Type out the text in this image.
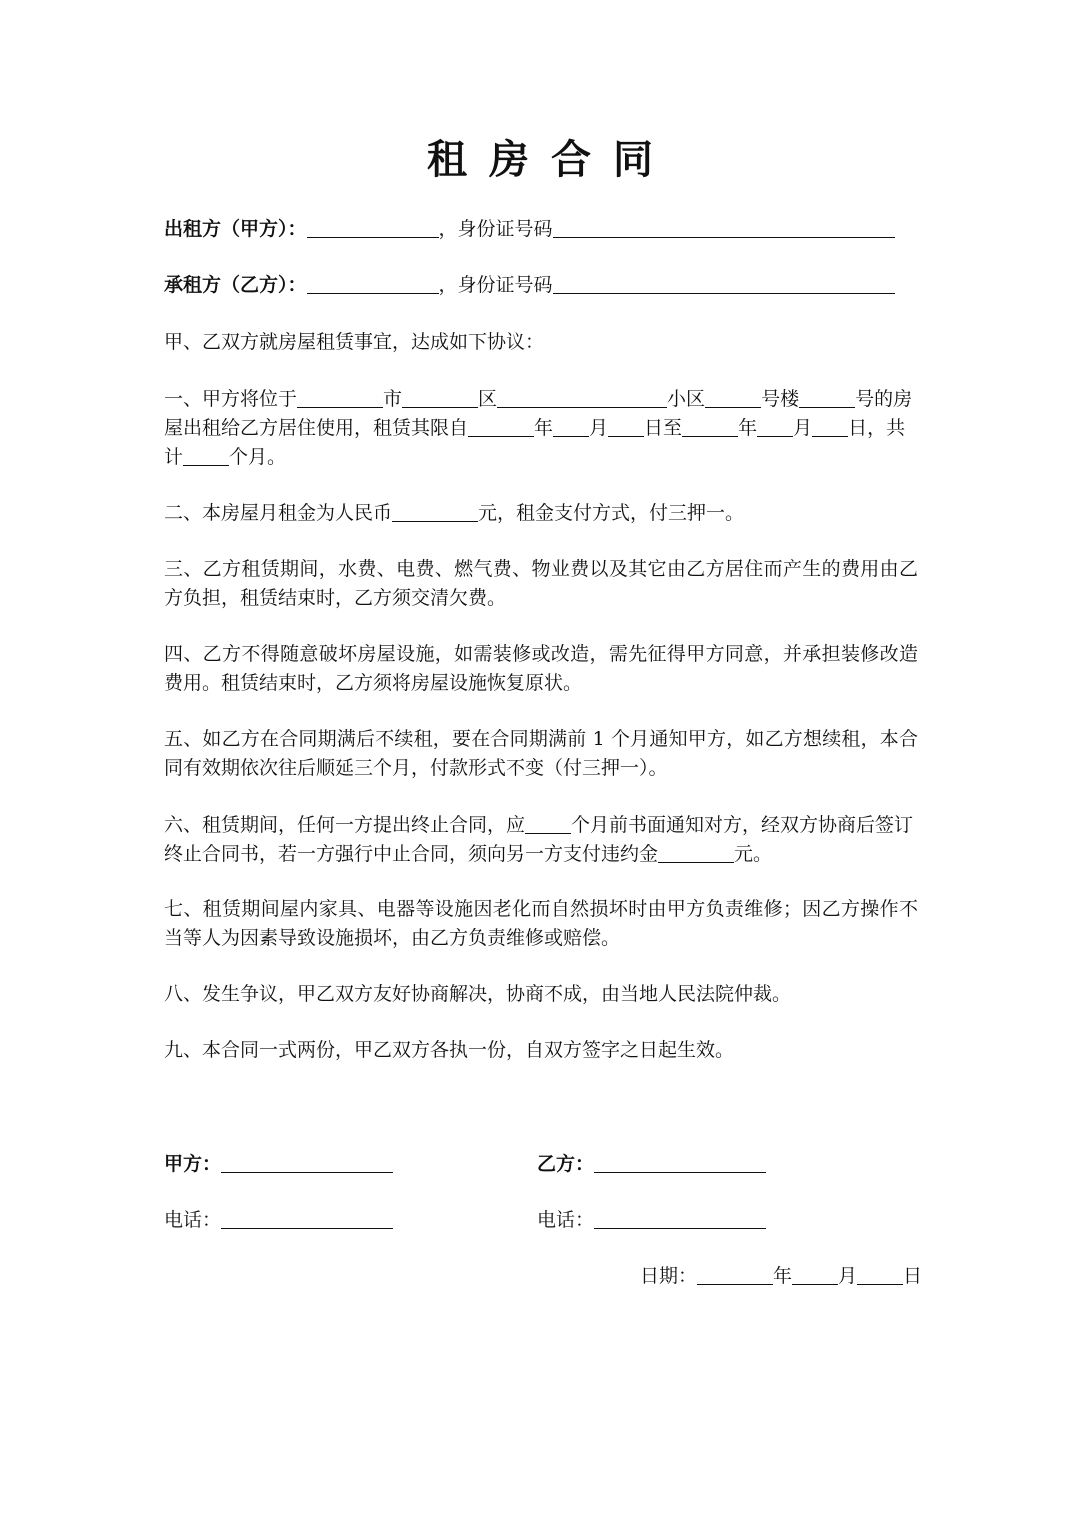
租房合同
出租方（甲方）：	，身份证号码
承租方（乙方）：	，身份证号码
甲、乙双方就房屋租赁事宜，达成如下协议：
一、甲方将位于	市	区	小区	号楼	号的房
屋出租给乙方居住使用，租赁其限自	年 月 日至	年 月 日，共
计 个月。
二、本房屋月租金为人民币	元，租金支付方式，付三押一。
三、乙方租赁期间，水费、电费、燃气费、物业费以及其它由乙方居住而产生的费用由乙方负担，租赁结束时，乙方须交清欠费。
四、乙方不得随意破坏房屋设施，如需装修或改造，需先征得甲方同意，并承担装修改造费用。租赁结束时，乙方须将房屋设施恢复原状。
五、如乙方在合同期满后不续租，要在合同期满前 1 个月通知甲方，如乙方想续租，本合同有效期依次往后顺延三个月，付款形式不变（付三押一）。
六、租赁期间，任何一方提出终止合同，应 个月前书面通知对方，经双方协商后签订
终止合同书，若一方强行中止合同，须向另一方支付违约金	元。
七、租赁期间屋内家具、电器等设施因老化而自然损坏时由甲方负责维修；因乙方操作不当等人为因素导致设施损坏，由乙方负责维修或赔偿。
八、发生争议，甲乙双方友好协商解决，协商不成，由当地人民法院仲裁。
九、本合同一式两份，甲乙双方各执一份，自双方签字之日起生效。
甲方：	乙方：
电话：	电话：
日期：	年 月 日
